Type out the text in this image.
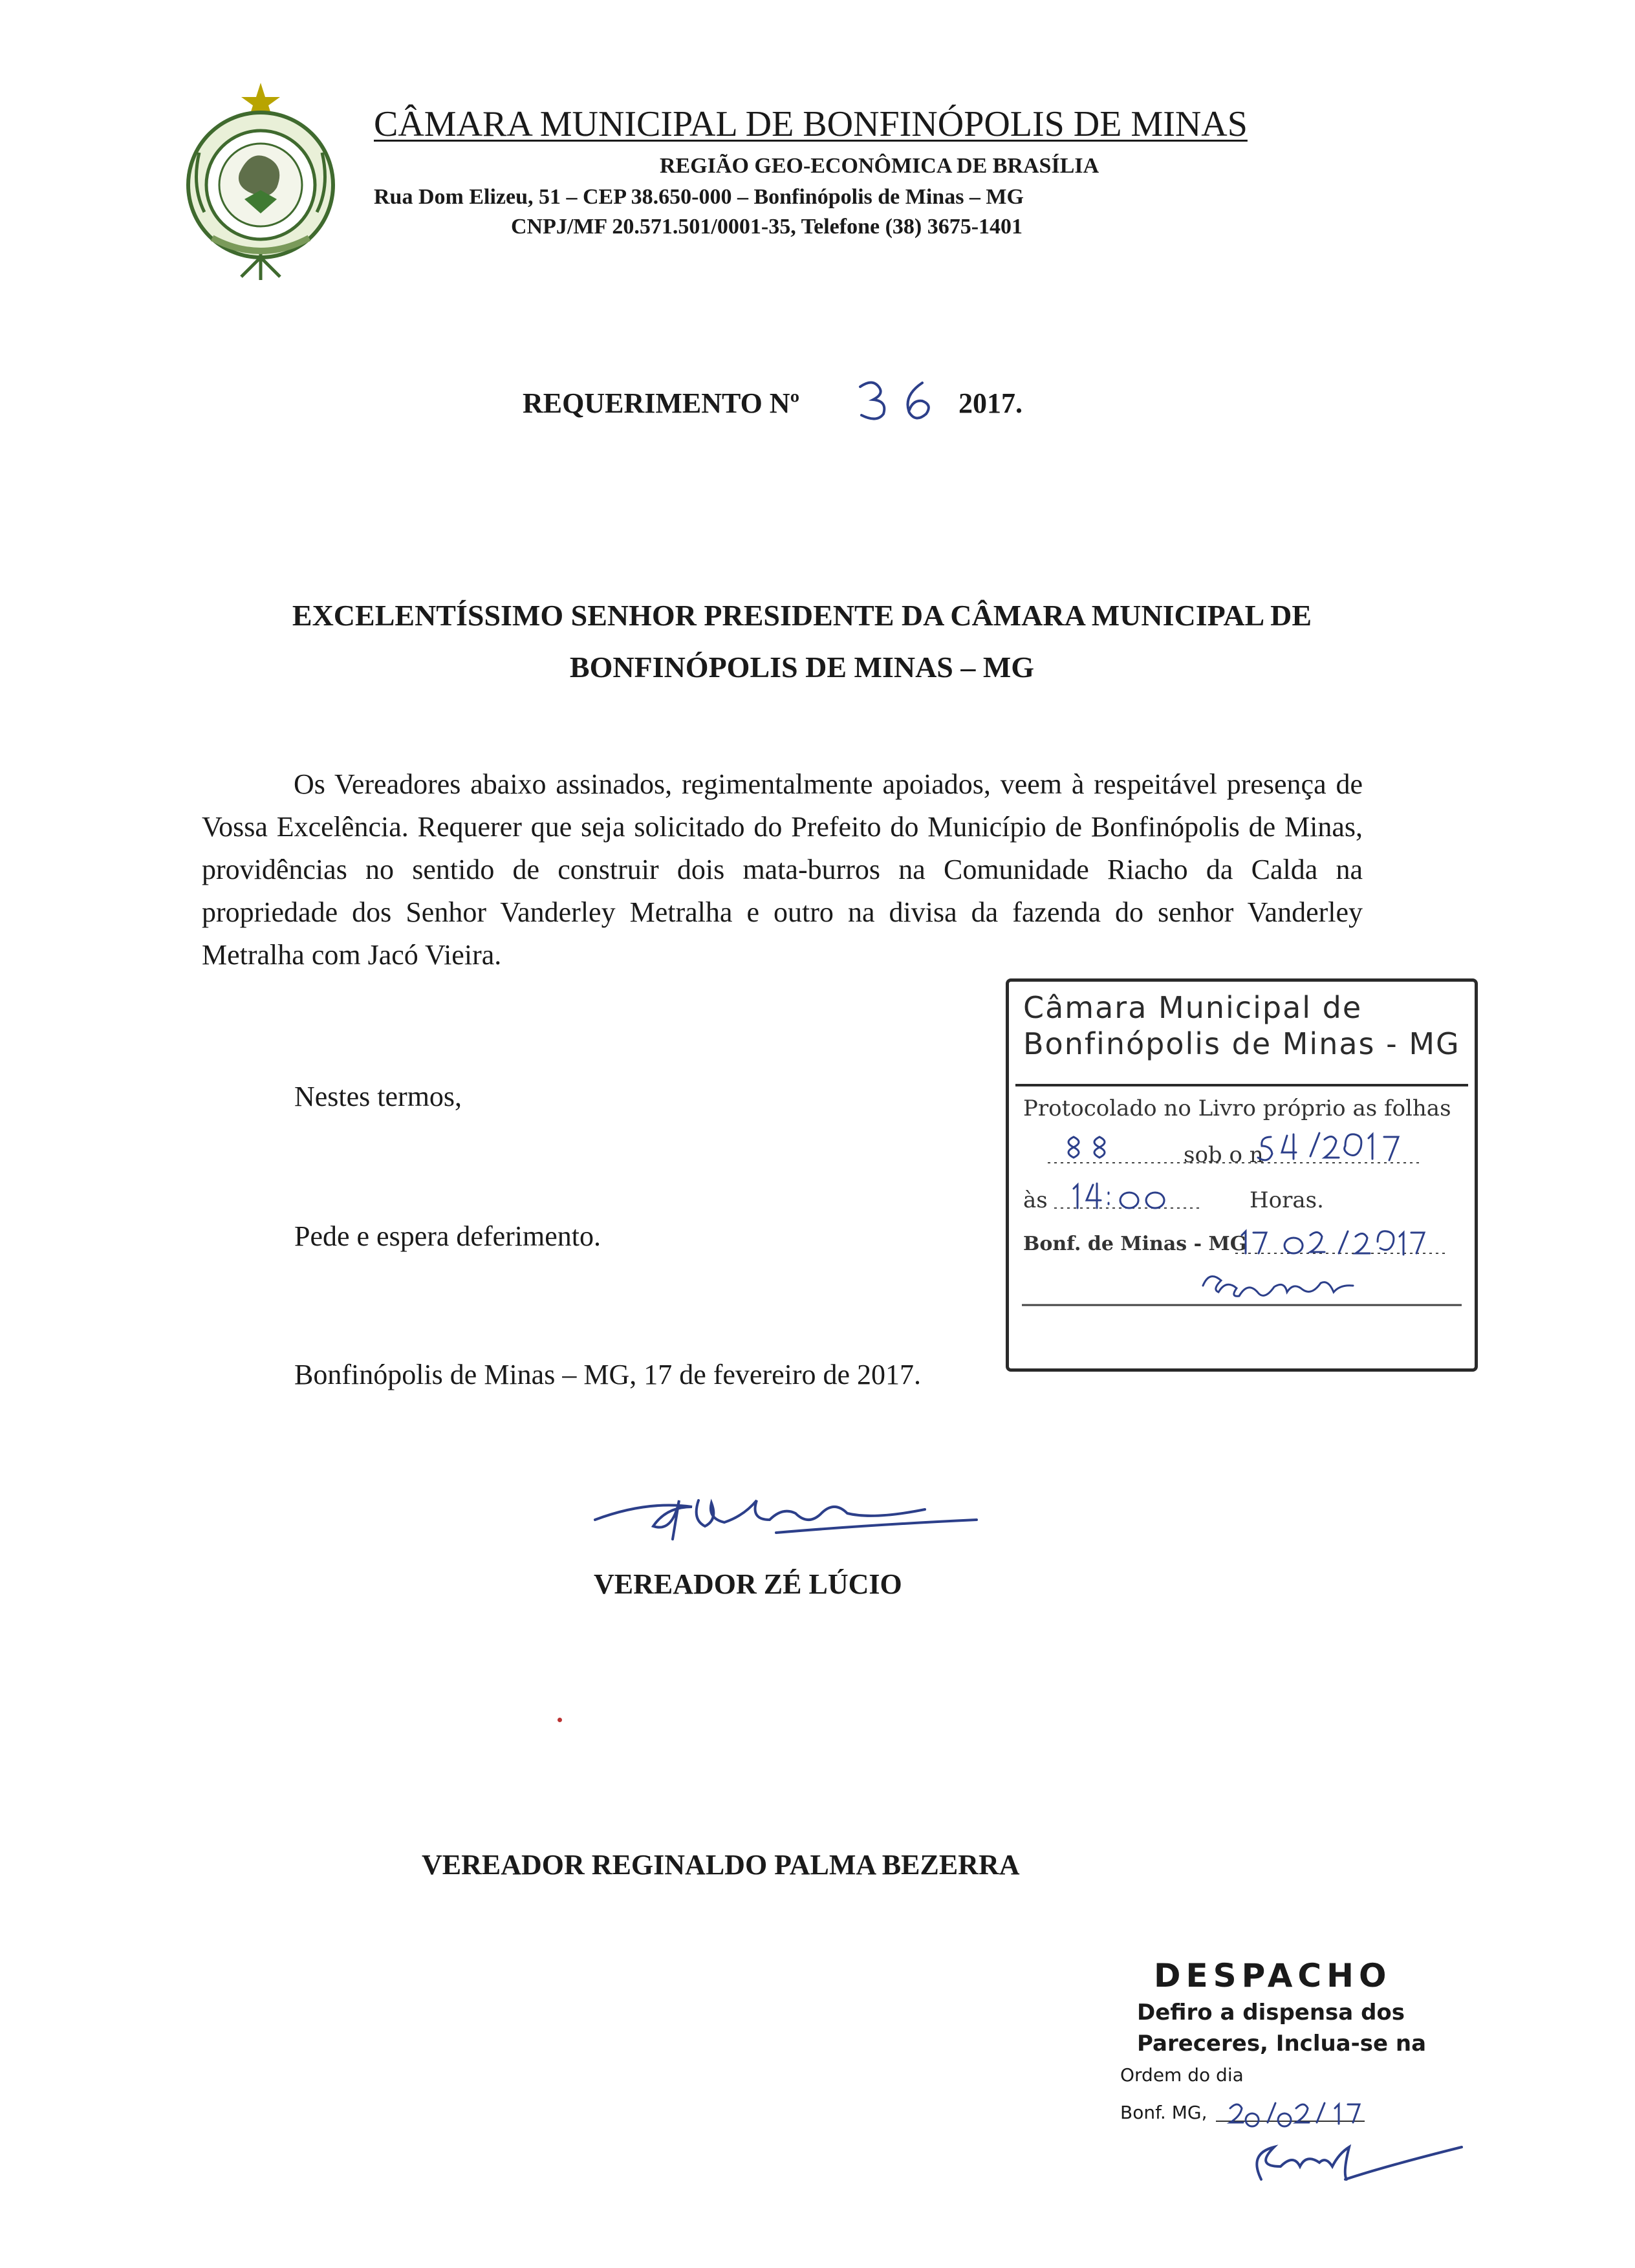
CÂMARA MUNICIPAL DE BONFINÓPOLIS DE MINAS
REGIÃO GEO-ECONÔMICA DE BRASÍLIA
Rua Dom Elizeu, 51 – CEP 38.650-000 – Bonfinópolis de Minas – MG
CNPJ/MF 20.571.501/0001-35, Telefone (38) 3675-1401
REQUERIMENTO Nº	2017.
EXCELENTÍSSIMO SENHOR PRESIDENTE DA CÂMARA MUNICIPAL DE
BONFINÓPOLIS DE MINAS – MG
Os Vereadores abaixo assinados, regimentalmente apoiados, veem à respeitável presença de Vossa Excelência. Requerer que seja solicitado do Prefeito do Município de Bonfinópolis de Minas, providências no sentido de construir dois mata-burros na Comunidade Riacho da Calda na propriedade dos Senhor Vanderley Metralha e outro na divisa da fazenda do senhor Vanderley Metralha com Jacó Vieira.
Nestes termos,
Pede e espera deferimento.
Bonfinópolis de Minas – MG, 17 de fevereiro de 2017.
Câmara Municipal de Bonfinópolis de Minas - MG
Protocolado no Livro próprio as folhas
sob o n
às	Horas.
Bonf. de Minas - MG
VEREADOR ZÉ LÚCIO
VEREADOR REGINALDO PALMA BEZERRA
DESPACHO
Defiro a dispensa dos
Pareceres, Inclua-se na
Ordem do dia
Bonf. MG,
